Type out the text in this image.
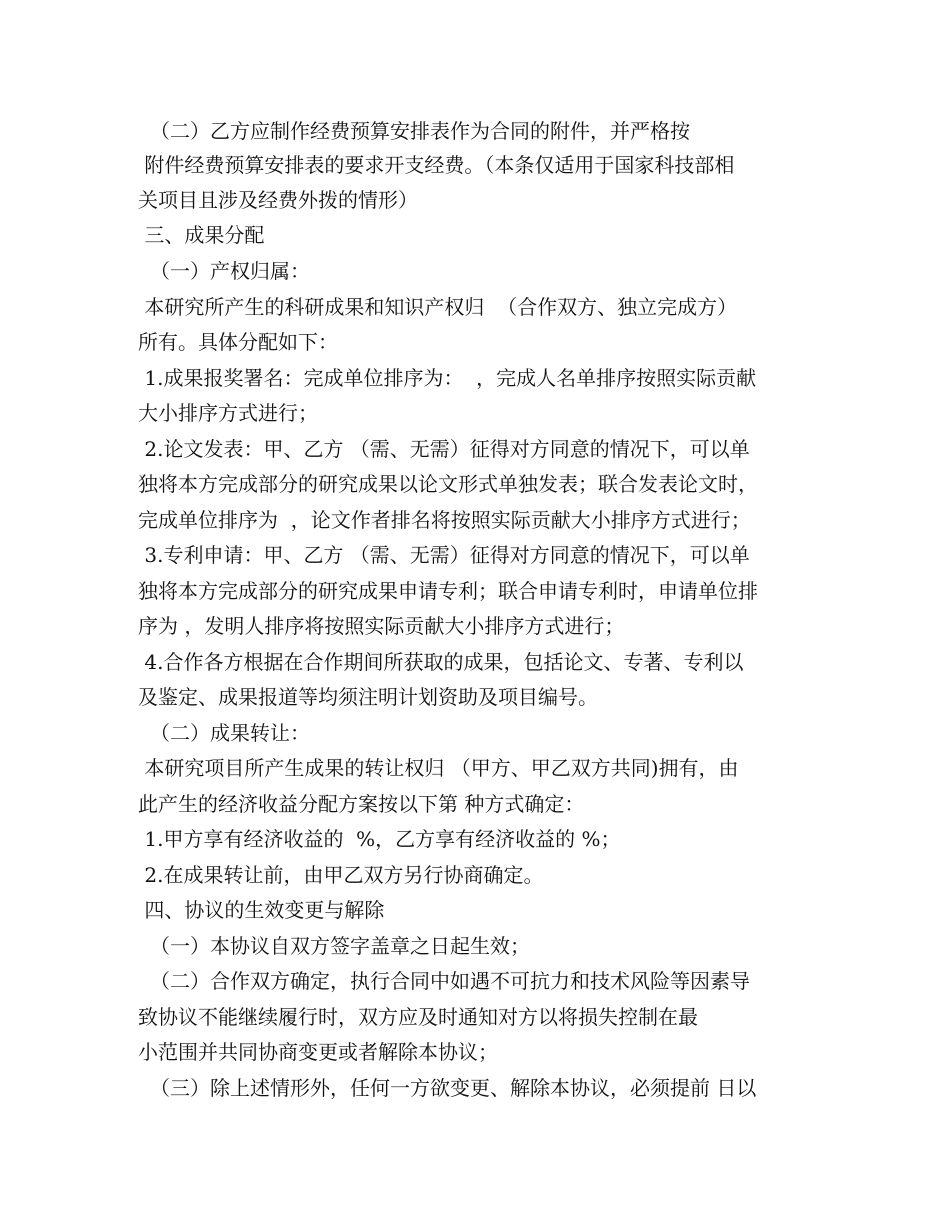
（二）乙方应制作经费预算安排表作为合同的附件，并严格按
附件经费预算安排表的要求开支经费。（本条仅适用于国家科技部相
关项目且涉及经费外拨的情形）
三、成果分配
（一）产权归属：
本研究所产生的科研成果和知识产权归  （合作双方、独立完成方）
所有。具体分配如下：
1.成果报奖署名：完成单位排序为：  ，完成人名单排序按照实际贡献
大小排序方式进行；
2.论文发表：甲、乙方 （需、无需）征得对方同意的情况下，可以单
独将本方完成部分的研究成果以论文形式单独发表；联合发表论文时，
完成单位排序为  ，论文作者排名将按照实际贡献大小排序方式进行；
3.专利申请：甲、乙方 （需、无需）征得对方同意的情况下，可以单
独将本方完成部分的研究成果申请专利；联合申请专利时，申请单位排
序为 ，发明人排序将按照实际贡献大小排序方式进行；
4.合作各方根据在合作期间所获取的成果，包括论文、专著、专利以
及鉴定、成果报道等均须注明计划资助及项目编号。
（二）成果转让：
本研究项目所产生成果的转让权归 （甲方、甲乙双方共同)拥有，由
此产生的经济收益分配方案按以下第 种方式确定：
1.甲方享有经济收益的  %，乙方享有经济收益的 %；
2.在成果转让前，由甲乙双方另行协商确定。
四、协议的生效变更与解除
（一）本协议自双方签字盖章之日起生效；
（二）合作双方确定，执行合同中如遇不可抗力和技术风险等因素导
致协议不能继续履行时，双方应及时通知对方以将损失控制在最
小范围并共同协商变更或者解除本协议；
（三）除上述情形外，任何一方欲变更、解除本协议，必须提前 日以
